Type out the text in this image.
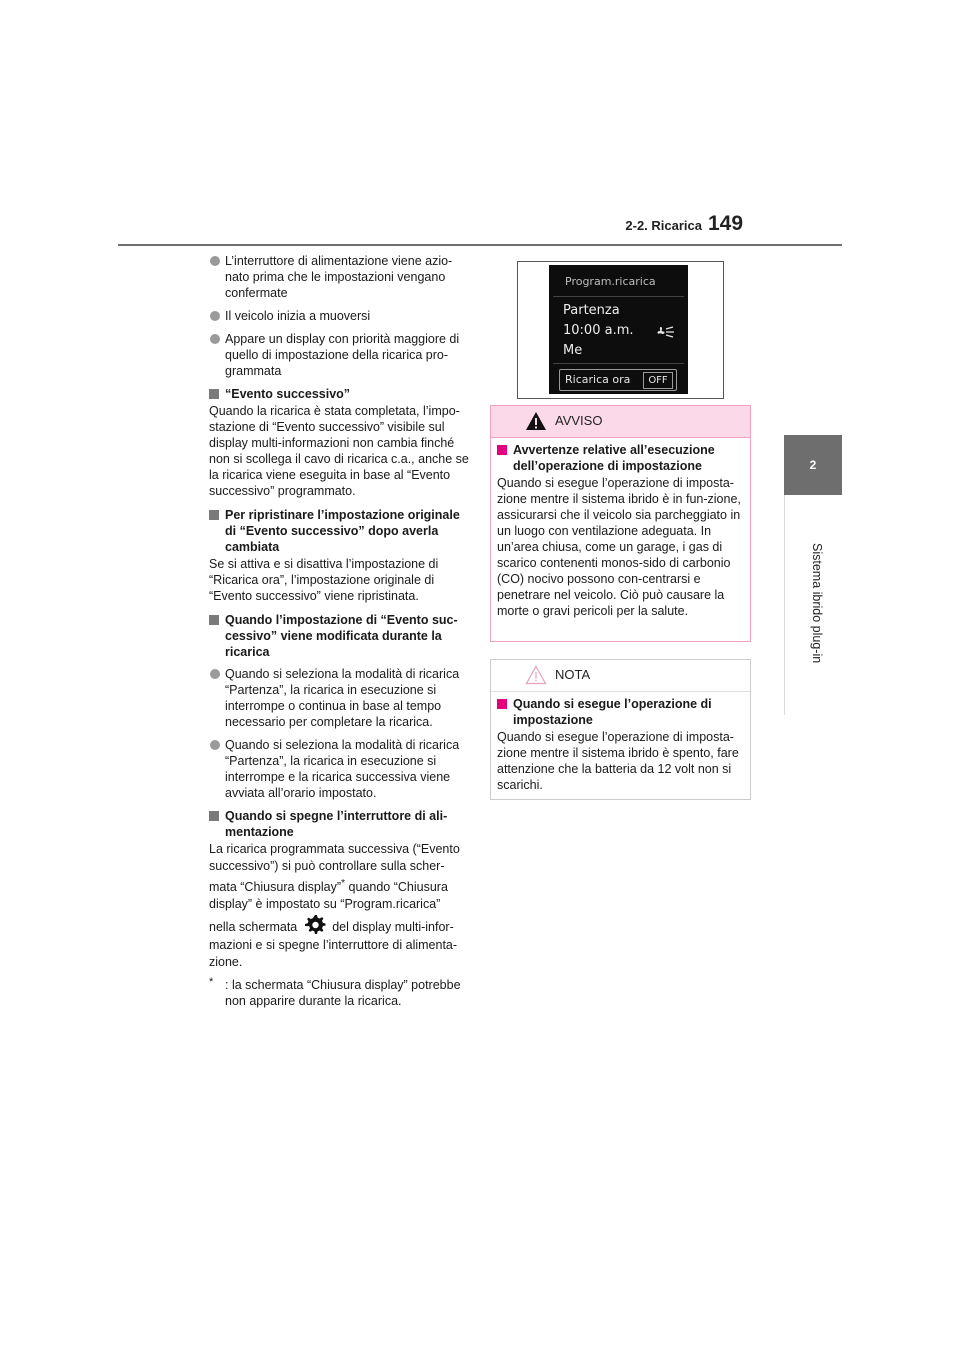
2-2. Ricarica 149
2
Sistema ibrido plug-in
L’interruttore di alimentazione viene azio-nato prima che le impostazioni vengano confermate
Il veicolo inizia a muoversi
Appare un display con priorità maggiore di quello di impostazione della ricarica pro-grammata
“Evento successivo”
Quando la ricarica è stata completata, l’impo-stazione di “Evento successivo” visibile sul display multi-informazioni non cambia finché non si scollega il cavo di ricarica c.a., anche se la ricarica viene eseguita in base al “Evento successivo” programmato.
Per ripristinare l’impostazione originale di “Evento successivo” dopo averla cambiata
Se si attiva e si disattiva l’impostazione di “Ricarica ora”, l’impostazione originale di “Evento successivo” viene ripristinata.
Quando l’impostazione di “Evento suc-cessivo” viene modificata durante la ricarica
Quando si seleziona la modalità di ricarica “Partenza”, la ricarica in esecuzione si interrompe o continua in base al tempo necessario per completare la ricarica.
Quando si seleziona la modalità di ricarica “Partenza”, la ricarica in esecuzione si interrompe e la ricarica successiva viene avviata all’orario impostato.
Quando si spegne l’interruttore di ali-mentazione
La ricarica programmata successiva (“Evento successivo”) si può controllare sulla scher-mata “Chiusura display”* quando “Chiusura display” è impostato su “Program.ricarica” nella schermata  del display multi-infor-mazioni e si spegne l’interruttore di alimenta-zione.
* : la schermata “Chiusura display” potrebbe non apparire durante la ricarica.
Program.ricarica
Partenza
10:00 a.m.
Me
Ricarica ora	OFF
AVVISO
Avvertenze relative all’esecuzione dell’operazione di impostazione
Quando si esegue l’operazione di imposta-zione mentre il sistema ibrido è in fun-zione, assicurarsi che il veicolo sia parcheggiato in un luogo con ventilazione adeguata. In un’area chiusa, come un garage, i gas di scarico contenenti monos-sido di carbonio (CO) nocivo possono con-centrarsi e penetrare nel veicolo. Ciò può causare la morte o gravi pericoli per la salute.
NOTA
Quando si esegue l’operazione di impostazione
Quando si esegue l’operazione di imposta-zione mentre il sistema ibrido è spento, fare attenzione che la batteria da 12 volt non si scarichi.
